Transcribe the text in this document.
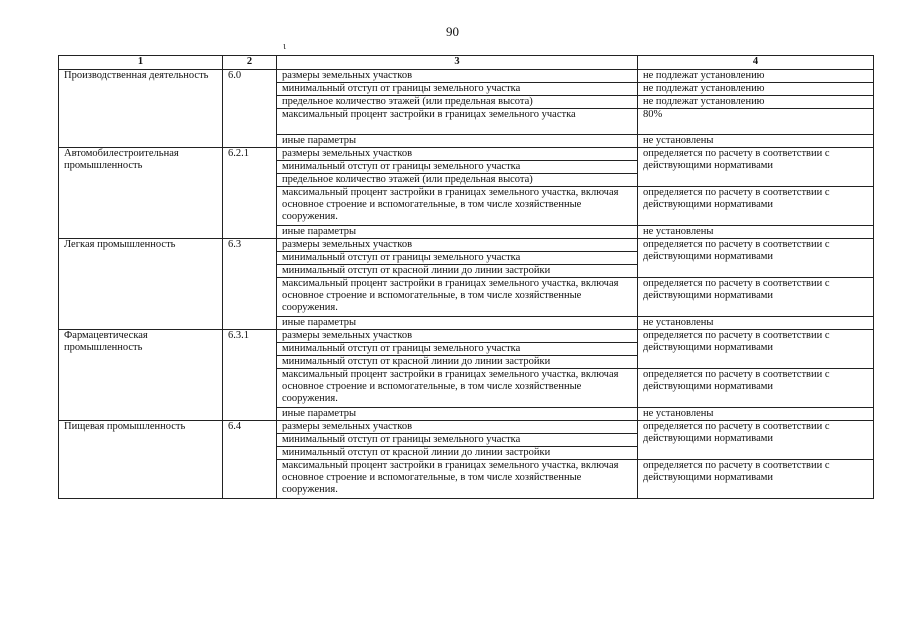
90
ɩ
1	2	3	4
Производственная деятельность	6.0	размеры земельных участков	не подлежат установлению
		минимальный отступ от границы земельного участка	не подлежат установлению
		предельное количество этажей (или предельная высота)	не подлежат установлению
		максимальный процент застройки в границах земельного участка	80%
		иные параметры	не установлены
Автомобилестроительная промышленность	6.2.1	размеры земельных участков	определяется по расчету в соответствии с действующими нормативами
		минимальный отступ от границы земельного участка	
		предельное количество этажей (или предельная высота)	
		максимальный процент застройки в границах земельного участка, включая основное строение и вспомогательные, в том числе хозяйственные сооружения.	определяется по расчету в соответствии с действующими нормативами
		иные параметры	не установлены
Легкая промышленность	6.3	размеры земельных участков	определяется по расчету в соответствии с действующими нормативами
		минимальный отступ от границы земельного участка	
		минимальный отступ от красной линии до линии застройки	
		максимальный процент застройки в границах земельного участка, включая основное строение и вспомогательные, в том числе хозяйственные сооружения.	определяется по расчету в соответствии с действующими нормативами
		иные параметры	не установлены
Фармацевтическая промышленность	6.3.1	размеры земельных участков	определяется по расчету в соответствии с действующими нормативами
		минимальный отступ от границы земельного участка	
		минимальный отступ от красной линии до линии застройки	
		максимальный процент застройки в границах земельного участка, включая основное строение и вспомогательные, в том числе хозяйственные сооружения.	определяется по расчету в соответствии с действующими нормативами
		иные параметры	не установлены
Пищевая промышленность	6.4	размеры земельных участков	определяется по расчету в соответствии с действующими нормативами
		минимальный отступ от границы земельного участка	
		минимальный отступ от красной линии до линии застройки	
		максимальный процент застройки в границах земельного участка, включая основное строение и вспомогательные, в том числе хозяйственные сооружения.	определяется по расчету в соответствии с действующими нормативами
